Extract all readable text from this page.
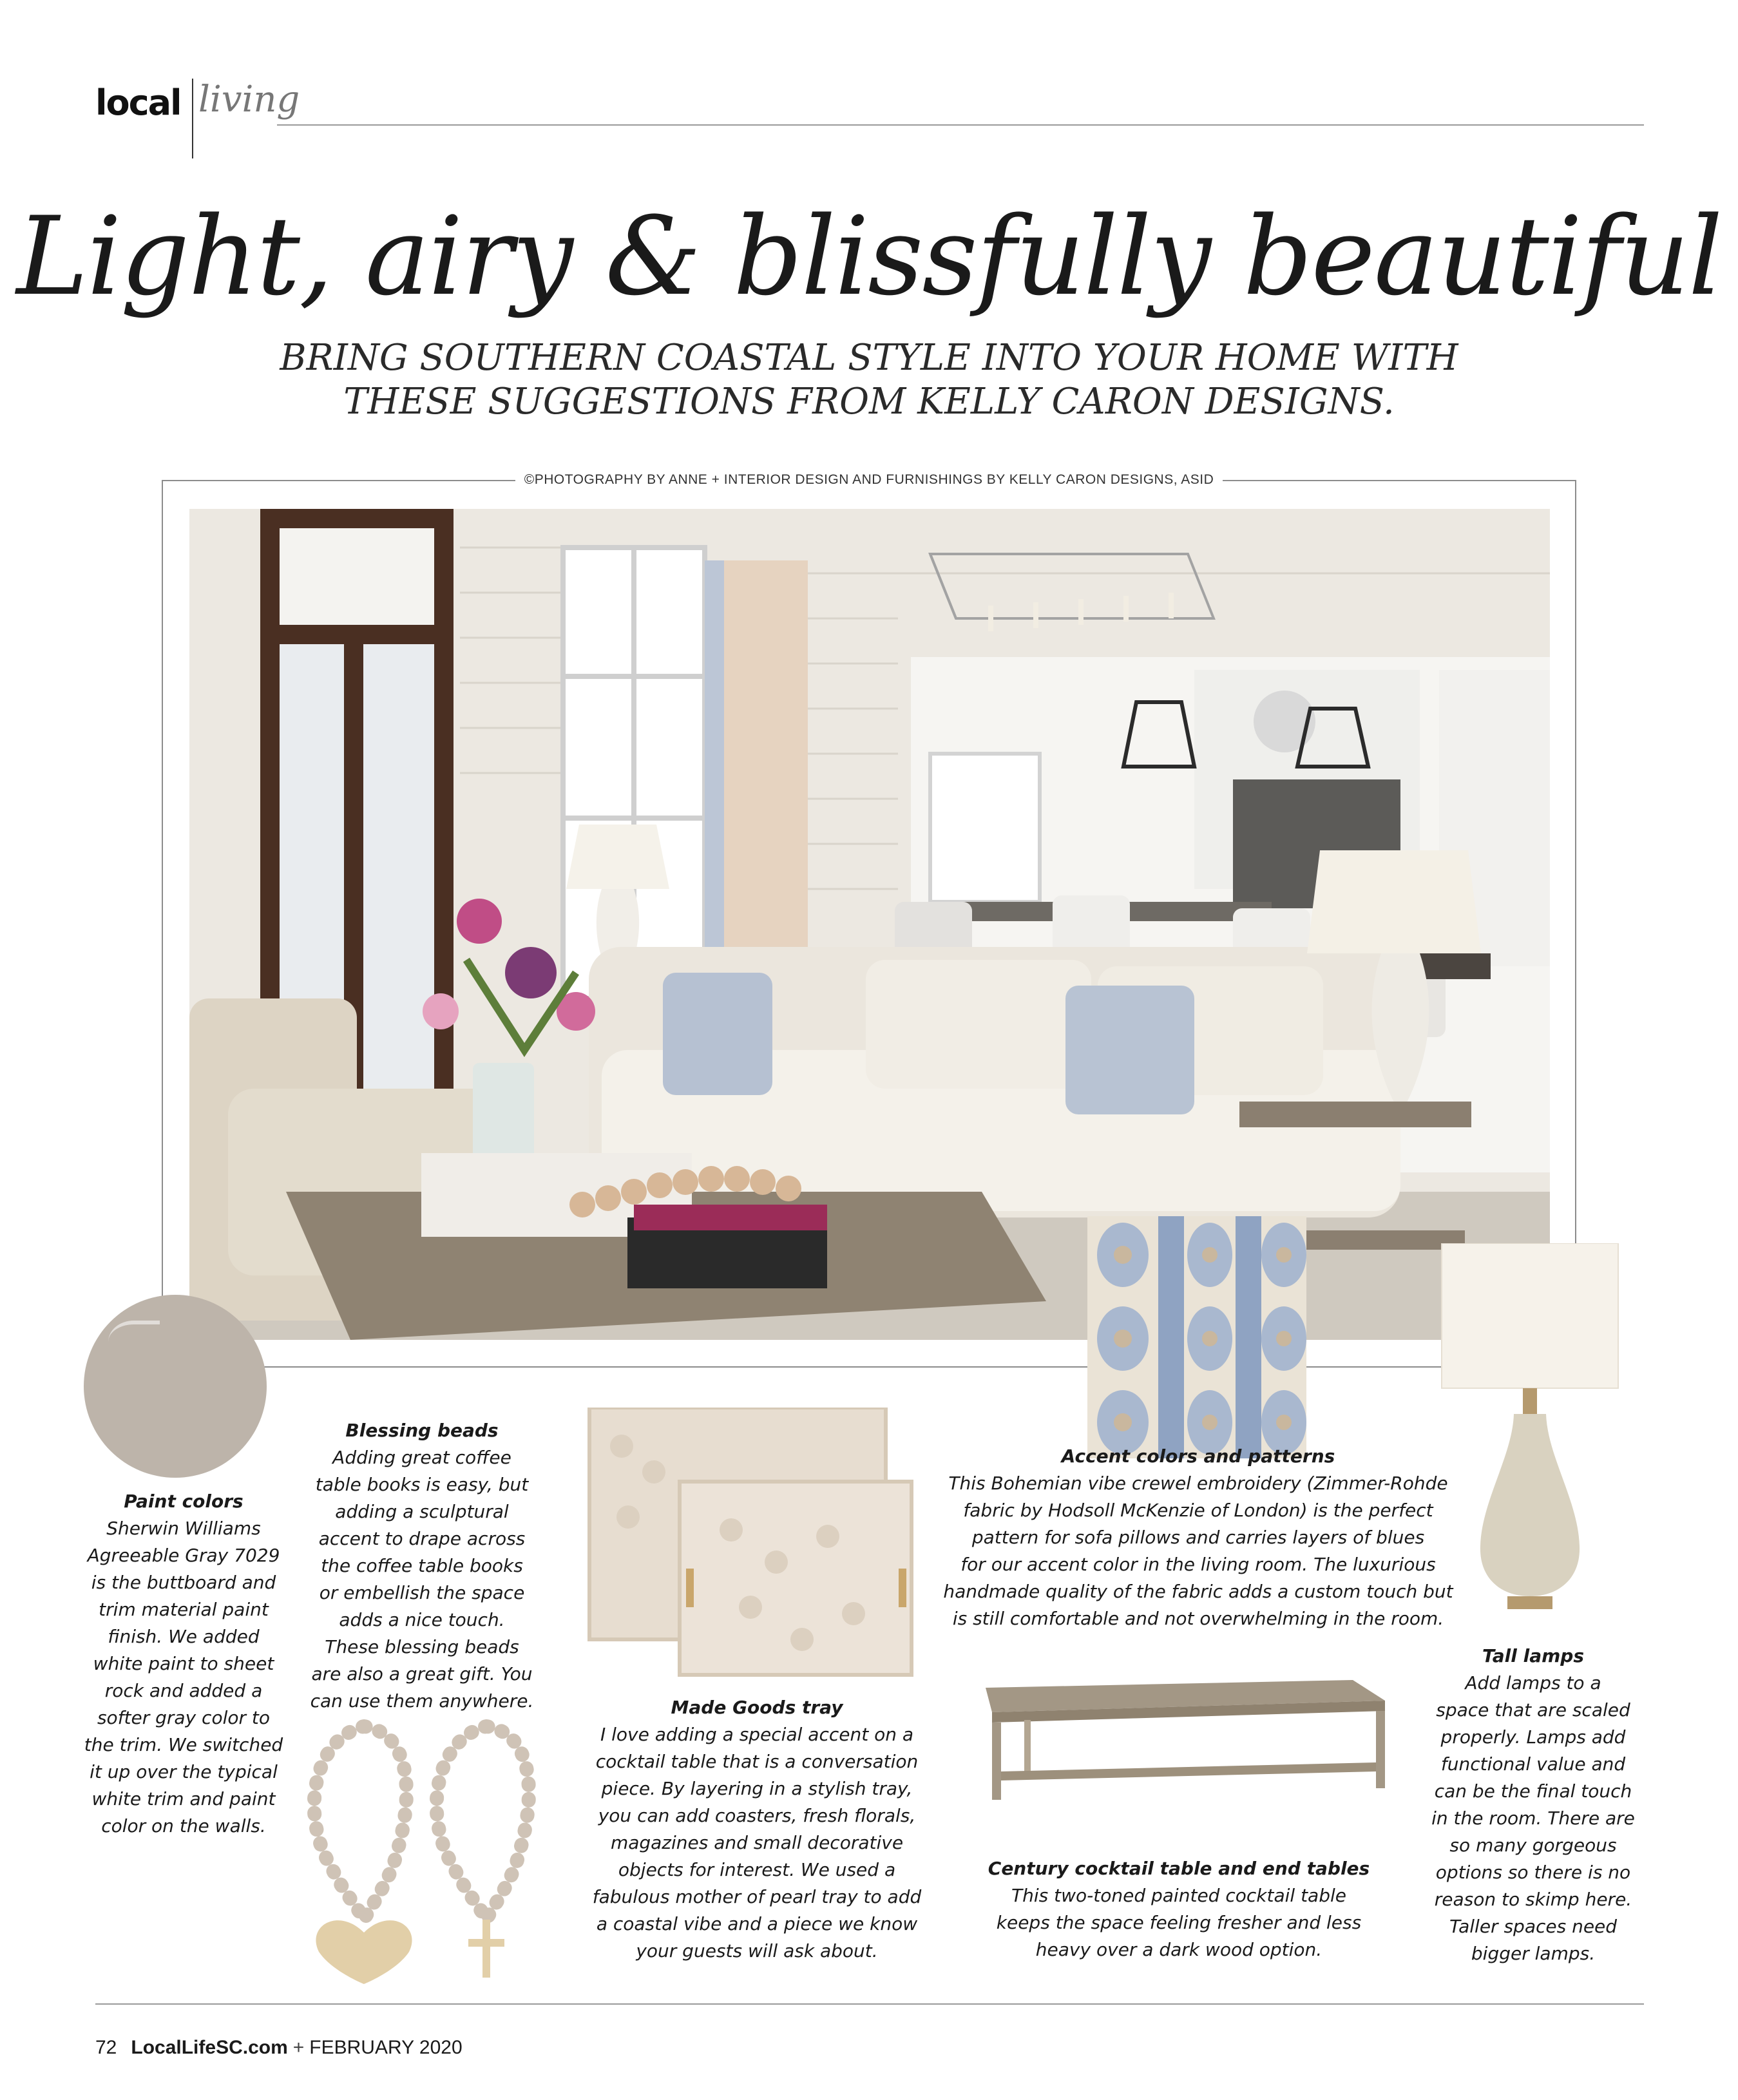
local living
Light, airy & blissfully beautiful
BRING SOUTHERN COASTAL STYLE INTO YOUR HOME WITH
THESE SUGGESTIONS FROM KELLY CARON DESIGNS.
©PHOTOGRAPHY BY ANNE + INTERIOR DESIGN AND FURNISHINGS BY KELLY CARON DESIGNS, ASID
Paint colors
Sherwin Williams
Agreeable Gray 7029
is the buttboard and
trim material paint
finish. We added
white paint to sheet
rock and added a
softer gray color to
the trim. We switched
it up over the typical
white trim and paint
color on the walls.
Blessing beads
Adding great coffee
table books is easy, but
adding a sculptural
accent to drape across
the coffee table books
or embellish the space
adds a nice touch.
These blessing beads
are also a great gift. You
can use them anywhere.	Made Goods tray
I love adding a special accent on a
cocktail table that is a conversation
piece. By layering in a stylish tray,
you can add coasters, fresh florals,
magazines and small decorative
objects for interest. We used a
fabulous mother of pearl tray to add
a coastal vibe and a piece we know
your guests will ask about.
Accent colors and patterns
This Bohemian vibe crewel embroidery (Zimmer-Rohde
fabric by Hodsoll McKenzie of London) is the perfect
pattern for sofa pillows and carries layers of blues
for our accent color in the living room. The luxurious
handmade quality of the fabric adds a custom touch but
is still comfortable and not overwhelming in the room.
Century cocktail table and end tables
This two-toned painted cocktail table
keeps the space feeling fresher and less
heavy over a dark wood option.
Tall lamps
Add lamps to a
space that are scaled
properly. Lamps add
functional value and
can be the final touch
in the room. There are
so many gorgeous
options so there is no
reason to skimp here.
Taller spaces need
bigger lamps.
72 LocalLifeSC.com + FEBRUARY 2020
